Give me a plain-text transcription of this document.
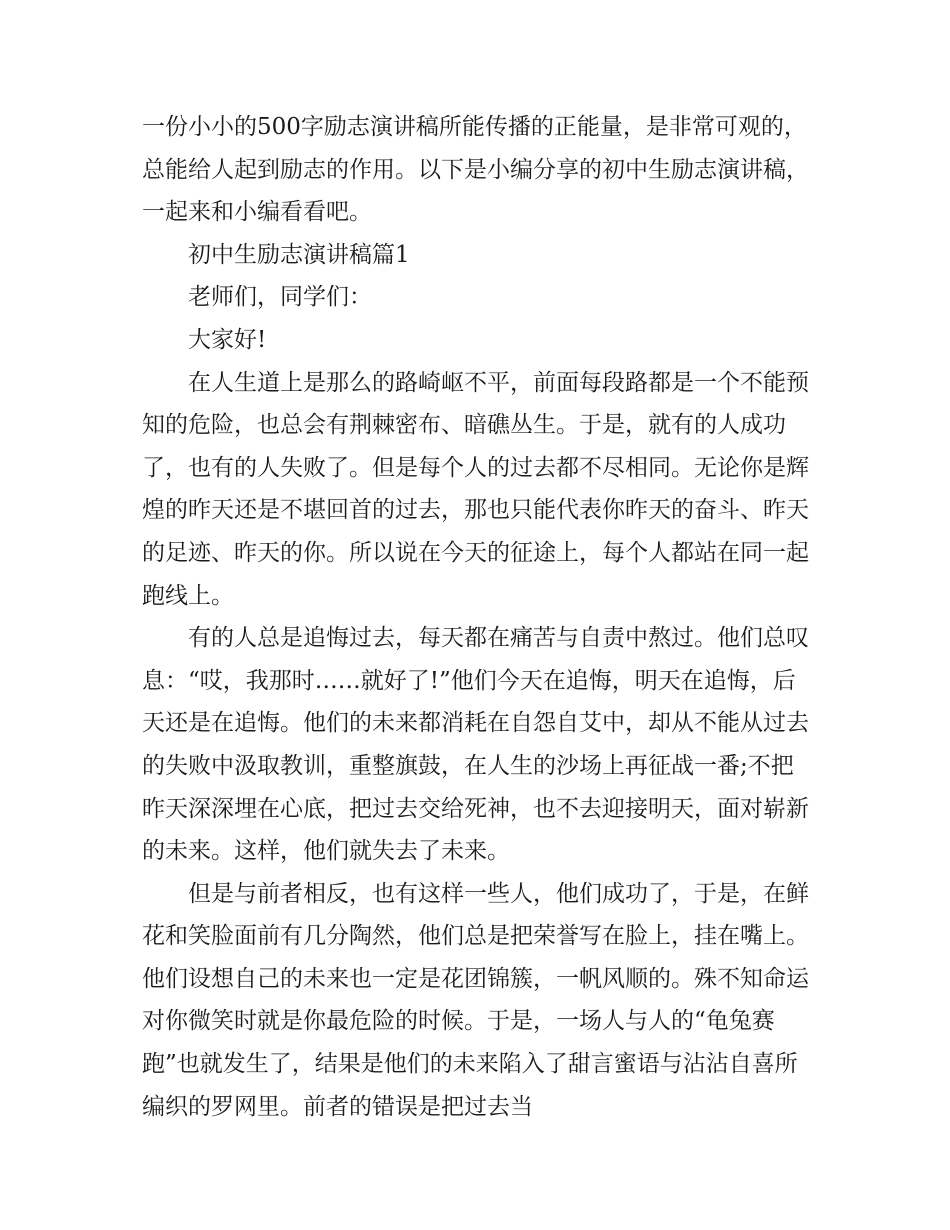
一份小小的500字励志演讲稿所能传播的正能量，是非常可观的，总能给人起到励志的作用。以下是小编分享的初中生励志演讲稿，一起来和小编看看吧。

初中生励志演讲稿篇1

老师们，同学们：

大家好!

在人生道上是那么的路崎岖不平，前面每段路都是一个不能预知的危险，也总会有荆棘密布、暗礁丛生。于是，就有的人成功了，也有的人失败了。但是每个人的过去都不尽相同。无论你是辉煌的昨天还是不堪回首的过去，那也只能代表你昨天的奋斗、昨天的足迹、昨天的你。所以说在今天的征途上，每个人都站在同一起跑线上。

有的人总是追悔过去，每天都在痛苦与自责中熬过。他们总叹息：“哎，我那时……就好了!”他们今天在追悔，明天在追悔，后天还是在追悔。他们的未来都消耗在自怨自艾中，却从不能从过去的失败中汲取教训，重整旗鼓，在人生的沙场上再征战一番;不把昨天深深埋在心底，把过去交给死神，也不去迎接明天，面对崭新的未来。这样，他们就失去了未来。

但是与前者相反，也有这样一些人，他们成功了，于是，在鲜花和笑脸面前有几分陶然，他们总是把荣誉写在脸上，挂在嘴上。他们设想自己的未来也一定是花团锦簇，一帆风顺的。殊不知命运对你微笑时就是你最危险的时候。于是，一场人与人的“龟兔赛跑”也就发生了，结果是他们的未来陷入了甜言蜜语与沾沾自喜所编织的罗网里。前者的错误是把过去当
